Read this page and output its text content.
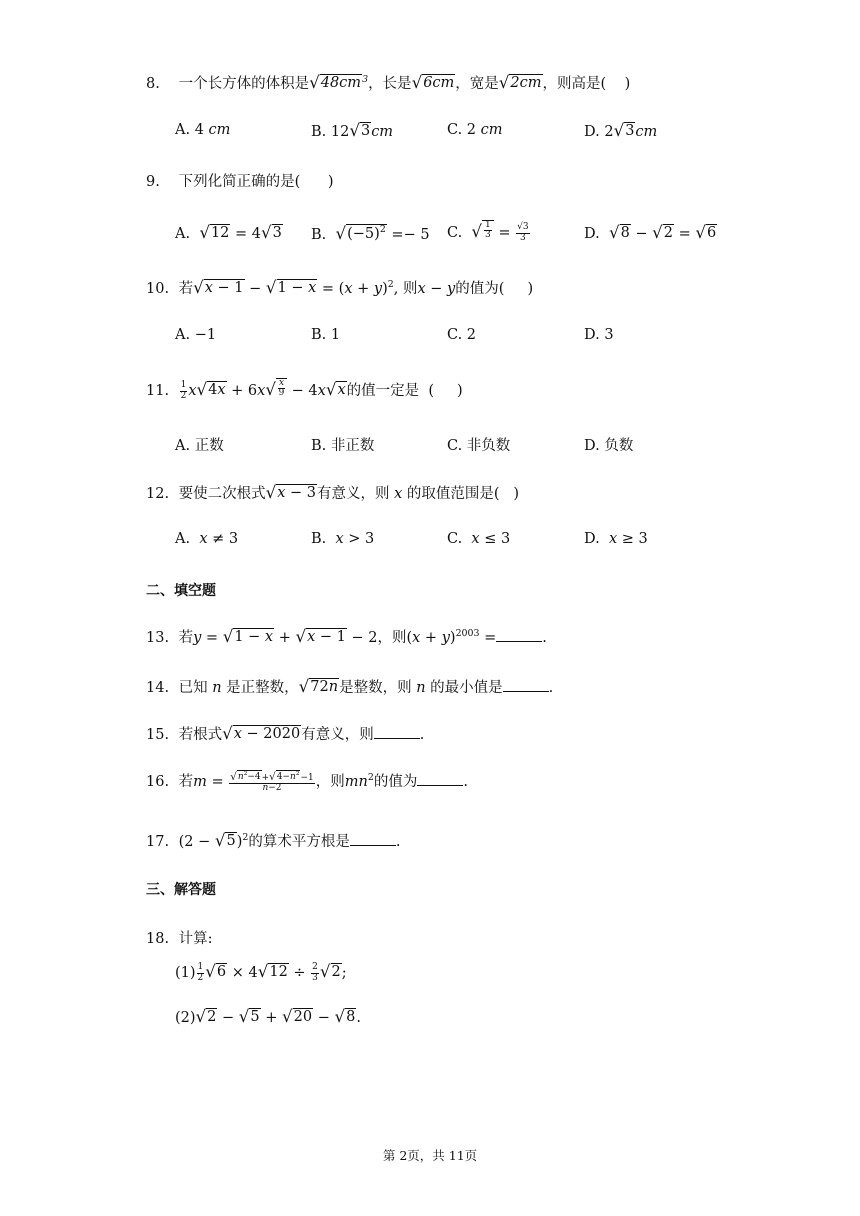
8. 一个长方体的体积是 √ 48cm $^3$，长是 √ 6cm ，宽是 √ 2cm ，则高是(    )
A. 4 cm	B. 12 √ 3 cm	C. 2 cm	D. 2 √ 3 cm
9. 下列化简正确的是(      )
A. √ 12 = 4 √ 3 B. √ $(-5)^2 =- 5$ C. √ $\frac{1}{3} = \frac{√3}{3}$	D. √ 8 − √ 2 = √ 6
10. 若 √ x − 1 − √ $1 - x = (x + y)^2$, 则x − y的值为(     )
A. −1	B. 1	C. 2	D. 3
11. $\frac{1}{2}$ x √ 4x + 6x √ $\frac{x}{9} - 4x$ √ x 的值一定是  (     )
A. 正数	B. 非正数	C. 非负数	D. 负数
12. 要使二次根式 √ x − 3 有意义，则 x 的取值范围是(   )
A.  x ≠ 3	B.  x > 3	C.  x ≤ 3	D.  x ≥ 3
二、填空题
13. 若y = √ 1 − x + √ x − 1 − 2，则$(x + y)^{2003}$ =	.
14. 已知 n 是正整数， √ 72n 是整数，则 n 的最小值是	.
15. 若根式 √ x − 2020 有意义，则	.
16. 若$m = \frac{√ n^2-4 + √ 4-n^2 -1}{n-2}$ ，则$mn^2$的值为	.
17. (2 − √ 5 )$^2$的算术平方根是	.
三、解答题
18. 计算:
$(1) \frac{1}{2}$ √ 6 × 4 √ $12 \div \frac{2}{3}$ √ 2 ;
(2) √ 2 − √ 5 + √ 20 − √ 8 .
第 2页，共 11页
